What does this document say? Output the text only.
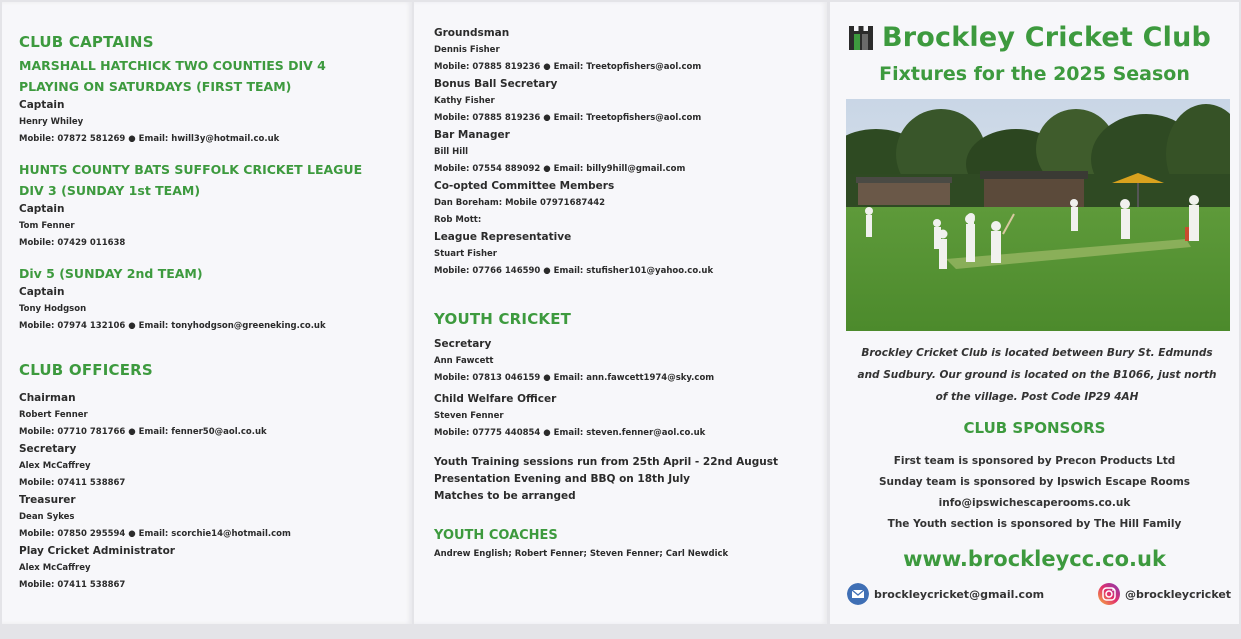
CLUB CAPTAINS
MARSHALL HATCHICK TWO COUNTIES DIV 4
PLAYING ON SATURDAYS (FIRST TEAM)
Captain
Henry Whiley
Mobile: 07872 581269 ● Email: hwill3y@hotmail.co.uk
HUNTS COUNTY BATS SUFFOLK CRICKET LEAGUE
DIV 3 (SUNDAY 1st TEAM)
Captain
Tom Fenner
Mobile: 07429 011638
Div 5 (SUNDAY 2nd TEAM)
Captain
Tony Hodgson
Mobile: 07974 132106 ● Email: tonyhodgson@greeneking.co.uk
CLUB OFFICERS
Chairman
Robert Fenner
Mobile: 07710 781766 ● Email: fenner50@aol.co.uk
Secretary
Alex McCaffrey
Mobile: 07411 538867
Treasurer
Dean Sykes
Mobile: 07850 295594 ● Email: scorchie14@hotmail.com
Play Cricket Administrator
Alex McCaffrey
Mobile: 07411 538867
Groundsman
Dennis Fisher
Mobile: 07885 819236 ● Email: Treetopfishers@aol.com
Bonus Ball Secretary
Kathy Fisher
Mobile: 07885 819236 ● Email: Treetopfishers@aol.com
Bar Manager
Bill Hill
Mobile: 07554 889092 ● Email: billy9hill@gmail.com
Co-opted Committee Members
Dan Boreham: Mobile 07971687442
Rob Mott:
League Representative
Stuart Fisher
Mobile: 07766 146590 ● Email: stufisher101@yahoo.co.uk
YOUTH CRICKET
Secretary
Ann Fawcett
Mobile: 07813 046159 ● Email: ann.fawcett1974@sky.com
Child Welfare Officer
Steven Fenner
Mobile: 07775 440854 ● Email: steven.fenner@aol.co.uk
Youth Training sessions run from 25th April - 22nd August
Presentation Evening and BBQ on 18th July
Matches to be arranged
YOUTH COACHES
Andrew English; Robert Fenner; Steven Fenner; Carl Newdick
Brockley Cricket Club
Fixtures for the 2025 Season
Brockley Cricket Club is located between Bury St. Edmunds
and Sudbury. Our ground is located on the B1066, just north
of the village. Post Code IP29 4AH
CLUB SPONSORS
First team is sponsored by Precon Products Ltd
Sunday team is sponsored by Ipswich Escape Rooms
info@ipswichescaperooms.co.uk
The Youth section is sponsored by The Hill Family
www.brockleycc.co.uk
brockleycricket@gmail.com	@brockleycricket
